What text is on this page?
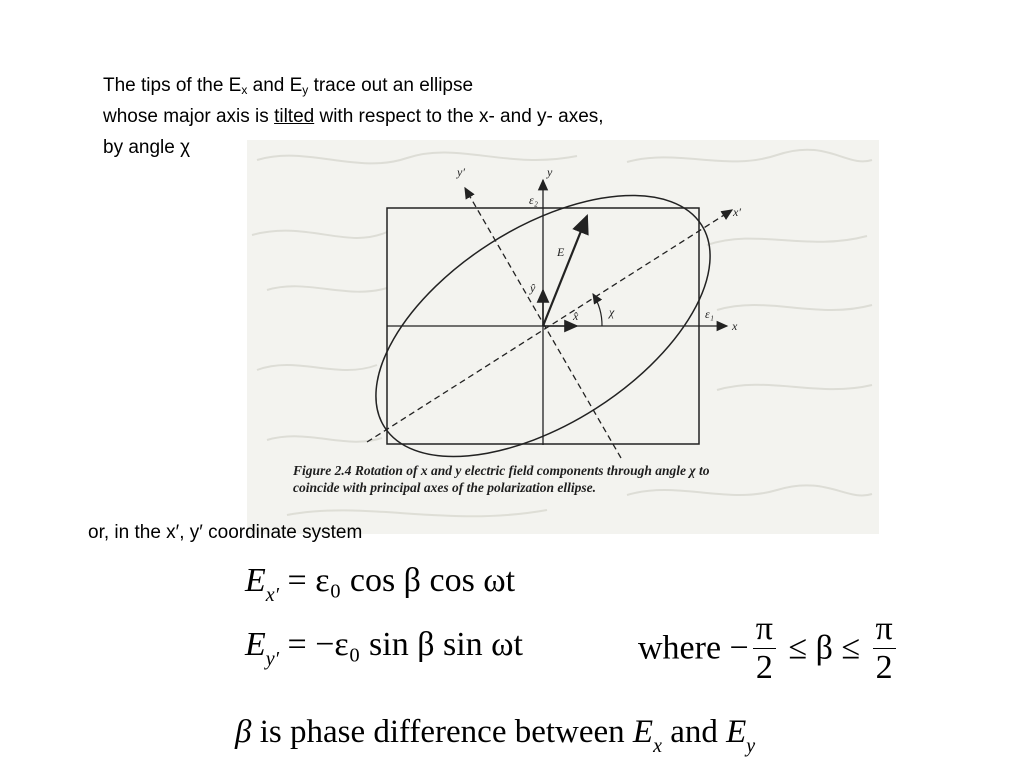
The tips of the $E_x$ and $E_y$ trace out an ellipse
whose major axis is tilted with respect to the x- and y- axes,
by angle χ
y
y′
x
x′
ε₂
ε₁
E
ŷ
x̂	χ
Figure 2.4 Rotation of x and y electric field components through angle χ to
coincide with principal axes of the polarization ellipse.
or, in the x′, y′ coordinate system
$E_{x'} = \varepsilon_0$ cos β cos ωt
$E_{y'} = -\varepsilon_0$ sin β sin ωt	where − $\frac{\pi}{2} \le \beta \le \frac{\pi}{2}$
β is phase difference between $E_x$ and $E_y$
